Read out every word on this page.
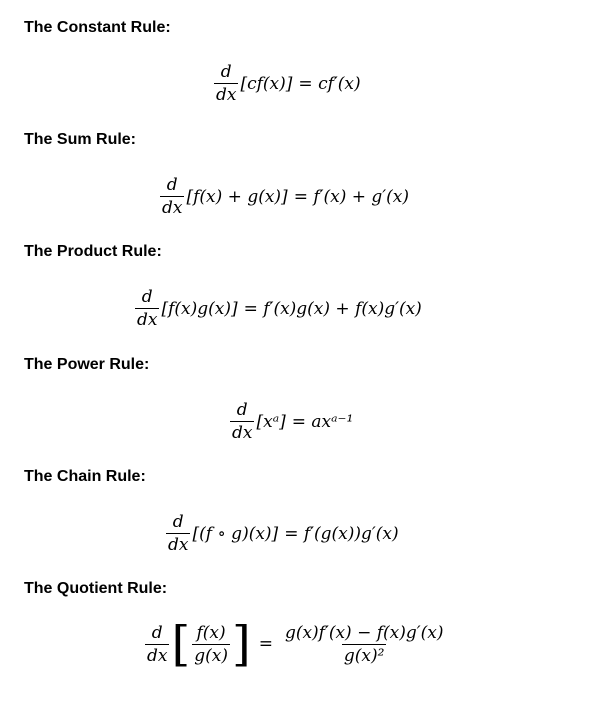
The Constant Rule:
$\frac{d}{dx} [cf(x)] = cf'(x)$
The Sum Rule:
$\frac{d}{dx} [f(x) + g(x)] = f'(x) + g'(x)$
The Product Rule:
$\frac{d}{dx} [f(x)g(x)] = f'(x)g(x) + f(x)g'(x)$
The Power Rule:
$\frac{d}{dx}$ [xᵃ] = axᵃ⁻¹
The Chain Rule:
$\frac{d}{dx} [(f$ ∘ g)(x)] = f′(g(x))g′(x)
The Quotient Rule:
$\frac{d}{dx}$ [ $\frac{f(x)}{g(x)}$ ] = $\frac{g(x)f'(x) - f(x)g'(x)}{\text{g(x)²}}$
